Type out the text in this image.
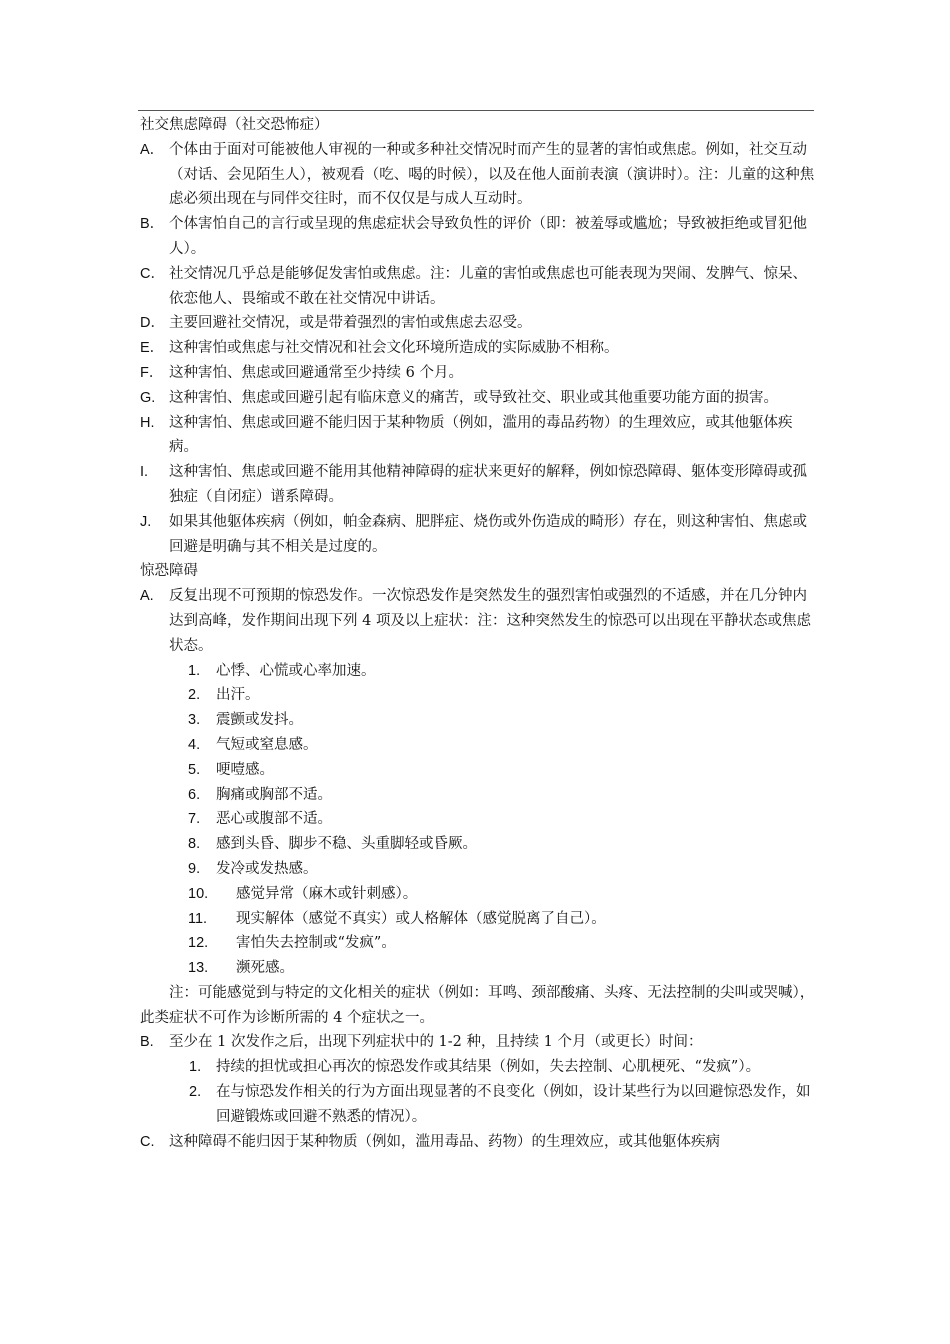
社交焦虑障碍（社交恐怖症）

A． 个体由于面对可能被他人审视的一种或多种社交情况时而产生的显著的害怕或焦虑。例如，社交互动（对话、会见陌生人），被观看（吃、喝的时候），以及在他人面前表演（演讲时）。注：儿童的这种焦虑必须出现在与同伴交往时，而不仅仅是与成人互动时。
B． 个体害怕自己的言行或呈现的焦虑症状会导致负性的评价（即：被羞辱或尴尬；导致被拒绝或冒犯他人）。
C． 社交情况几乎总是能够促发害怕或焦虑。注：儿童的害怕或焦虑也可能表现为哭闹、发脾气、惊呆、依恋他人、畏缩或不敢在社交情况中讲话。
D． 主要回避社交情况，或是带着强烈的害怕或焦虑去忍受。
E． 这种害怕或焦虑与社交情况和社会文化环境所造成的实际威胁不相称。
F． 这种害怕、焦虑或回避通常至少持续 6 个月。
G. 这种害怕、焦虑或回避引起有临床意义的痛苦，或导致社交、职业或其他重要功能方面的损害。
H.	这种害怕、焦虑或回避不能归因于某种物质（例如，滥用的毒品药物）的生理效应，或其他躯体疾病。
I.	这种害怕、焦虑或回避不能用其他精神障碍的症状来更好的解释，例如惊恐障碍、躯体变形障碍或孤独症（自闭症）谱系障碍。
J.	如果其他躯体疾病（例如，帕金森病、肥胖症、烧伤或外伤造成的畸形）存在，则这种害怕、焦虑或回避是明确与其不相关是过度的。

惊恐障碍

A.	反复出现不可预期的惊恐发作。一次惊恐发作是突然发生的强烈害怕或强烈的不适感，并在几分钟内达到高峰，发作期间出现下列 4 项及以上症状：注：这种突然发生的惊恐可以出现在平静状态或焦虑状态。
1.	心悸、心慌或心率加速。
2.	出汗。
3.	震颤或发抖。
4.	气短或窒息感。
5.	哽噎感。
6.	胸痛或胸部不适。
7.	恶心或腹部不适。
8.	感到头昏、脚步不稳、头重脚轻或昏厥。
9.	发冷或发热感。
10.	感觉异常（麻木或针刺感）。
11.	现实解体（感觉不真实）或人格解体（感觉脱离了自己）。
12.	害怕失去控制或“发疯”。
13.	濒死感。

注：可能感觉到与特定的文化相关的症状（例如：耳鸣、颈部酸痛、头疼、无法控制的尖叫或哭喊），此类症状不可作为诊断所需的 4 个症状之一。

B.	至少在 1 次发作之后，出现下列症状中的 1-2 种，且持续 1 个月（或更长）时间：
1.	持续的担忧或担心再次的惊恐发作或其结果（例如，失去控制、心肌梗死、“发疯”）。
2.	在与惊恐发作相关的行为方面出现显著的不良变化（例如，设计某些行为以回避惊恐发作，如回避锻炼或回避不熟悉的情况）。
C.	这种障碍不能归因于某种物质（例如，滥用毒品、药物）的生理效应，或其他躯体疾病
